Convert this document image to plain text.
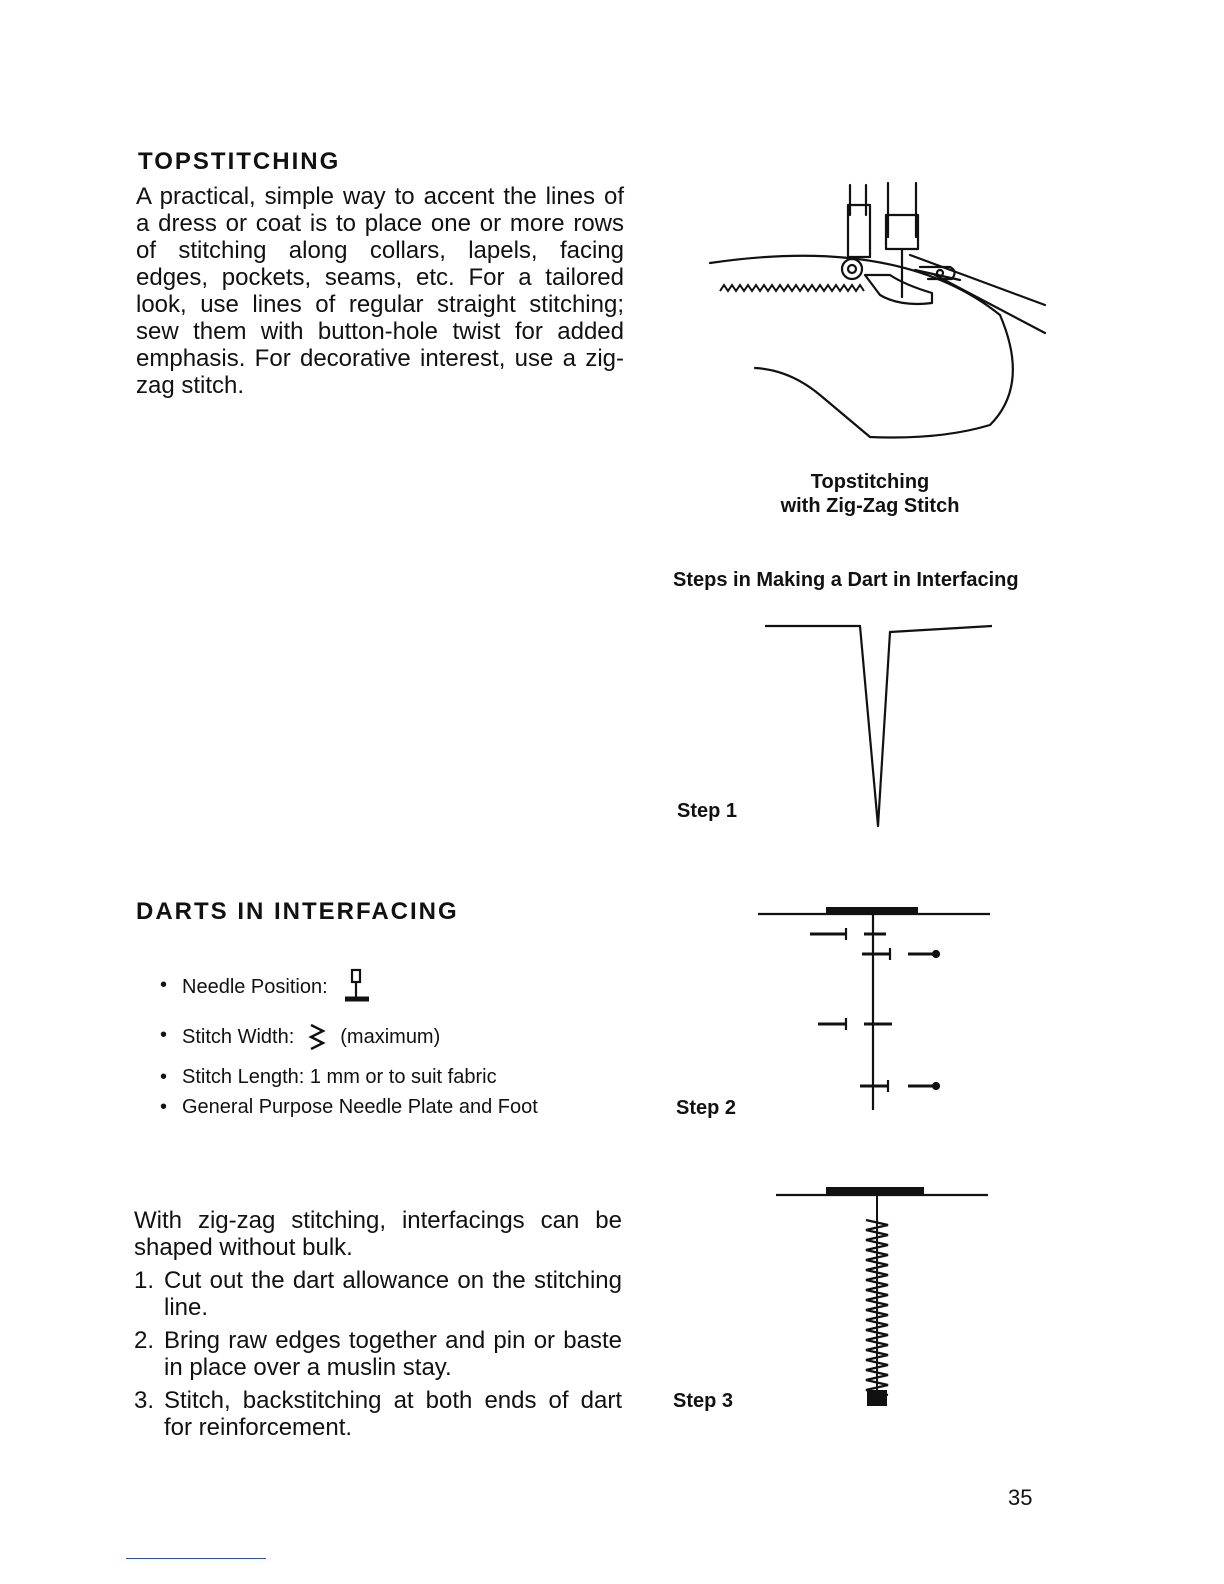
TOPSTITCHING

A practical, simple way to accent the lines of a dress or coat is to place one or more rows of stitching along collars, lapels, facing edges, pockets, seams, etc. For a tailored look, use lines of regular straight stitching; sew them with button-hole twist for added emphasis. For decorative interest, use a zig-zag stitch.

Topstitching
with Zig-Zag Stitch
Steps in Making a Dart in Interfacing
Step 1
Step 2
Step 3
DARTS IN INTERFACING
• Needle Position:
• Stitch Width: (maximum)
• Stitch Length: 1 mm or to suit fabric
• General Purpose Needle Plate and Foot

With zig-zag stitching, interfacings can be shaped without bulk.

1. Cut out the dart allowance on the stitching line.
2. Bring raw edges together and pin or baste in place over a muslin stay.
3. Stitch, backstitching at both ends of dart for reinforcement.
35
